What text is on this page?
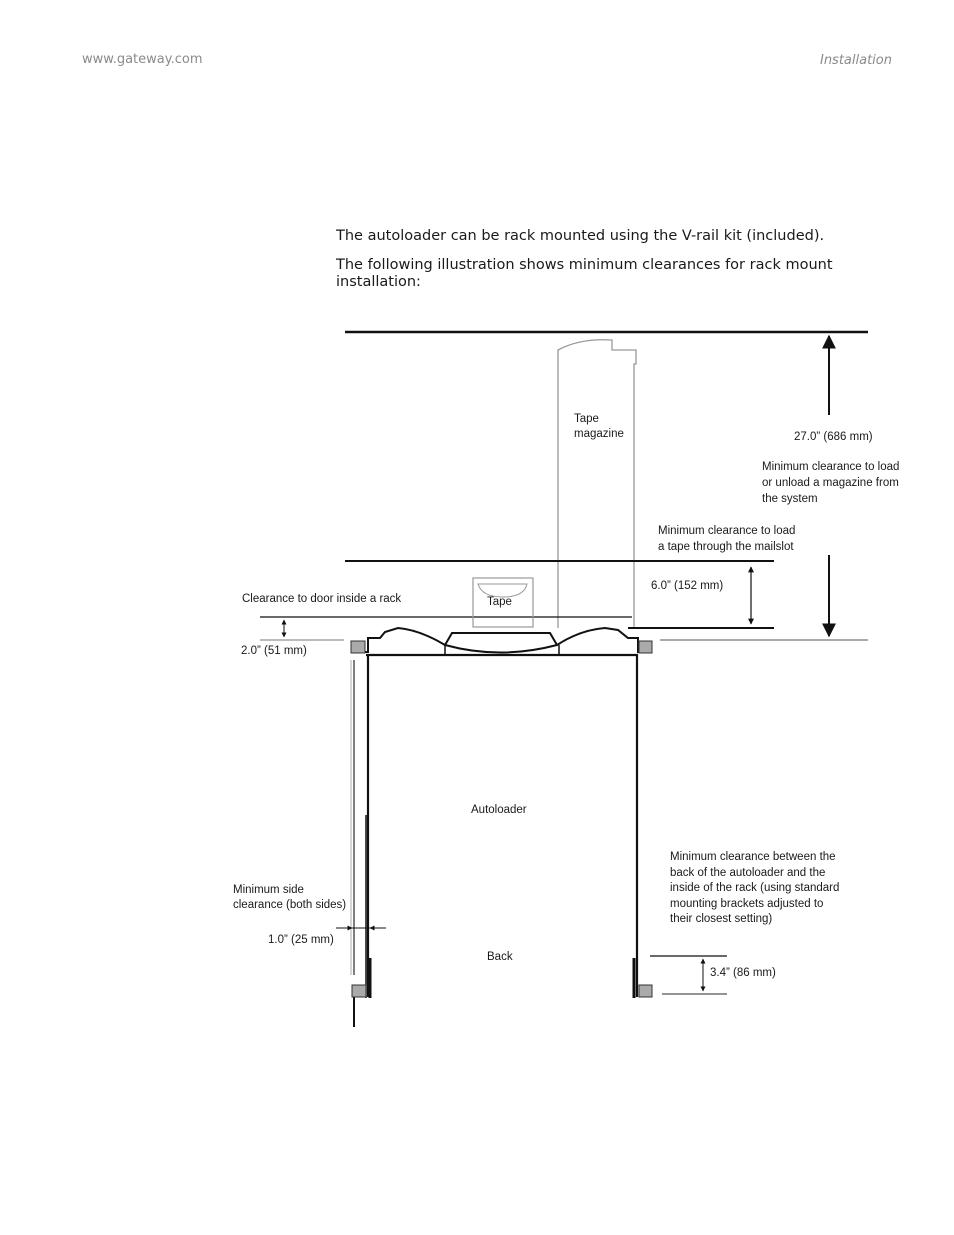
www.gateway.com	Installation
The autoloader can be rack mounted using the V-rail kit (included).
The following illustration shows minimum clearances for rack mount installation:
Tape
magazine	27.0” (686 mm)
Minimum clearance to load
or unload a magazine from
the system
Minimum clearance to load
a tape through the mailslot
6.0” (152 mm)
Clearance to door inside a rack	Tape
2.0” (51 mm)
Autoloader
Minimum clearance between the
back of the autoloader and the
inside of the rack (using standard
mounting brackets adjusted to
their closest setting)
Minimum side
clearance (both sides)
1.0” (25 mm)
Back
3.4” (86 mm)
